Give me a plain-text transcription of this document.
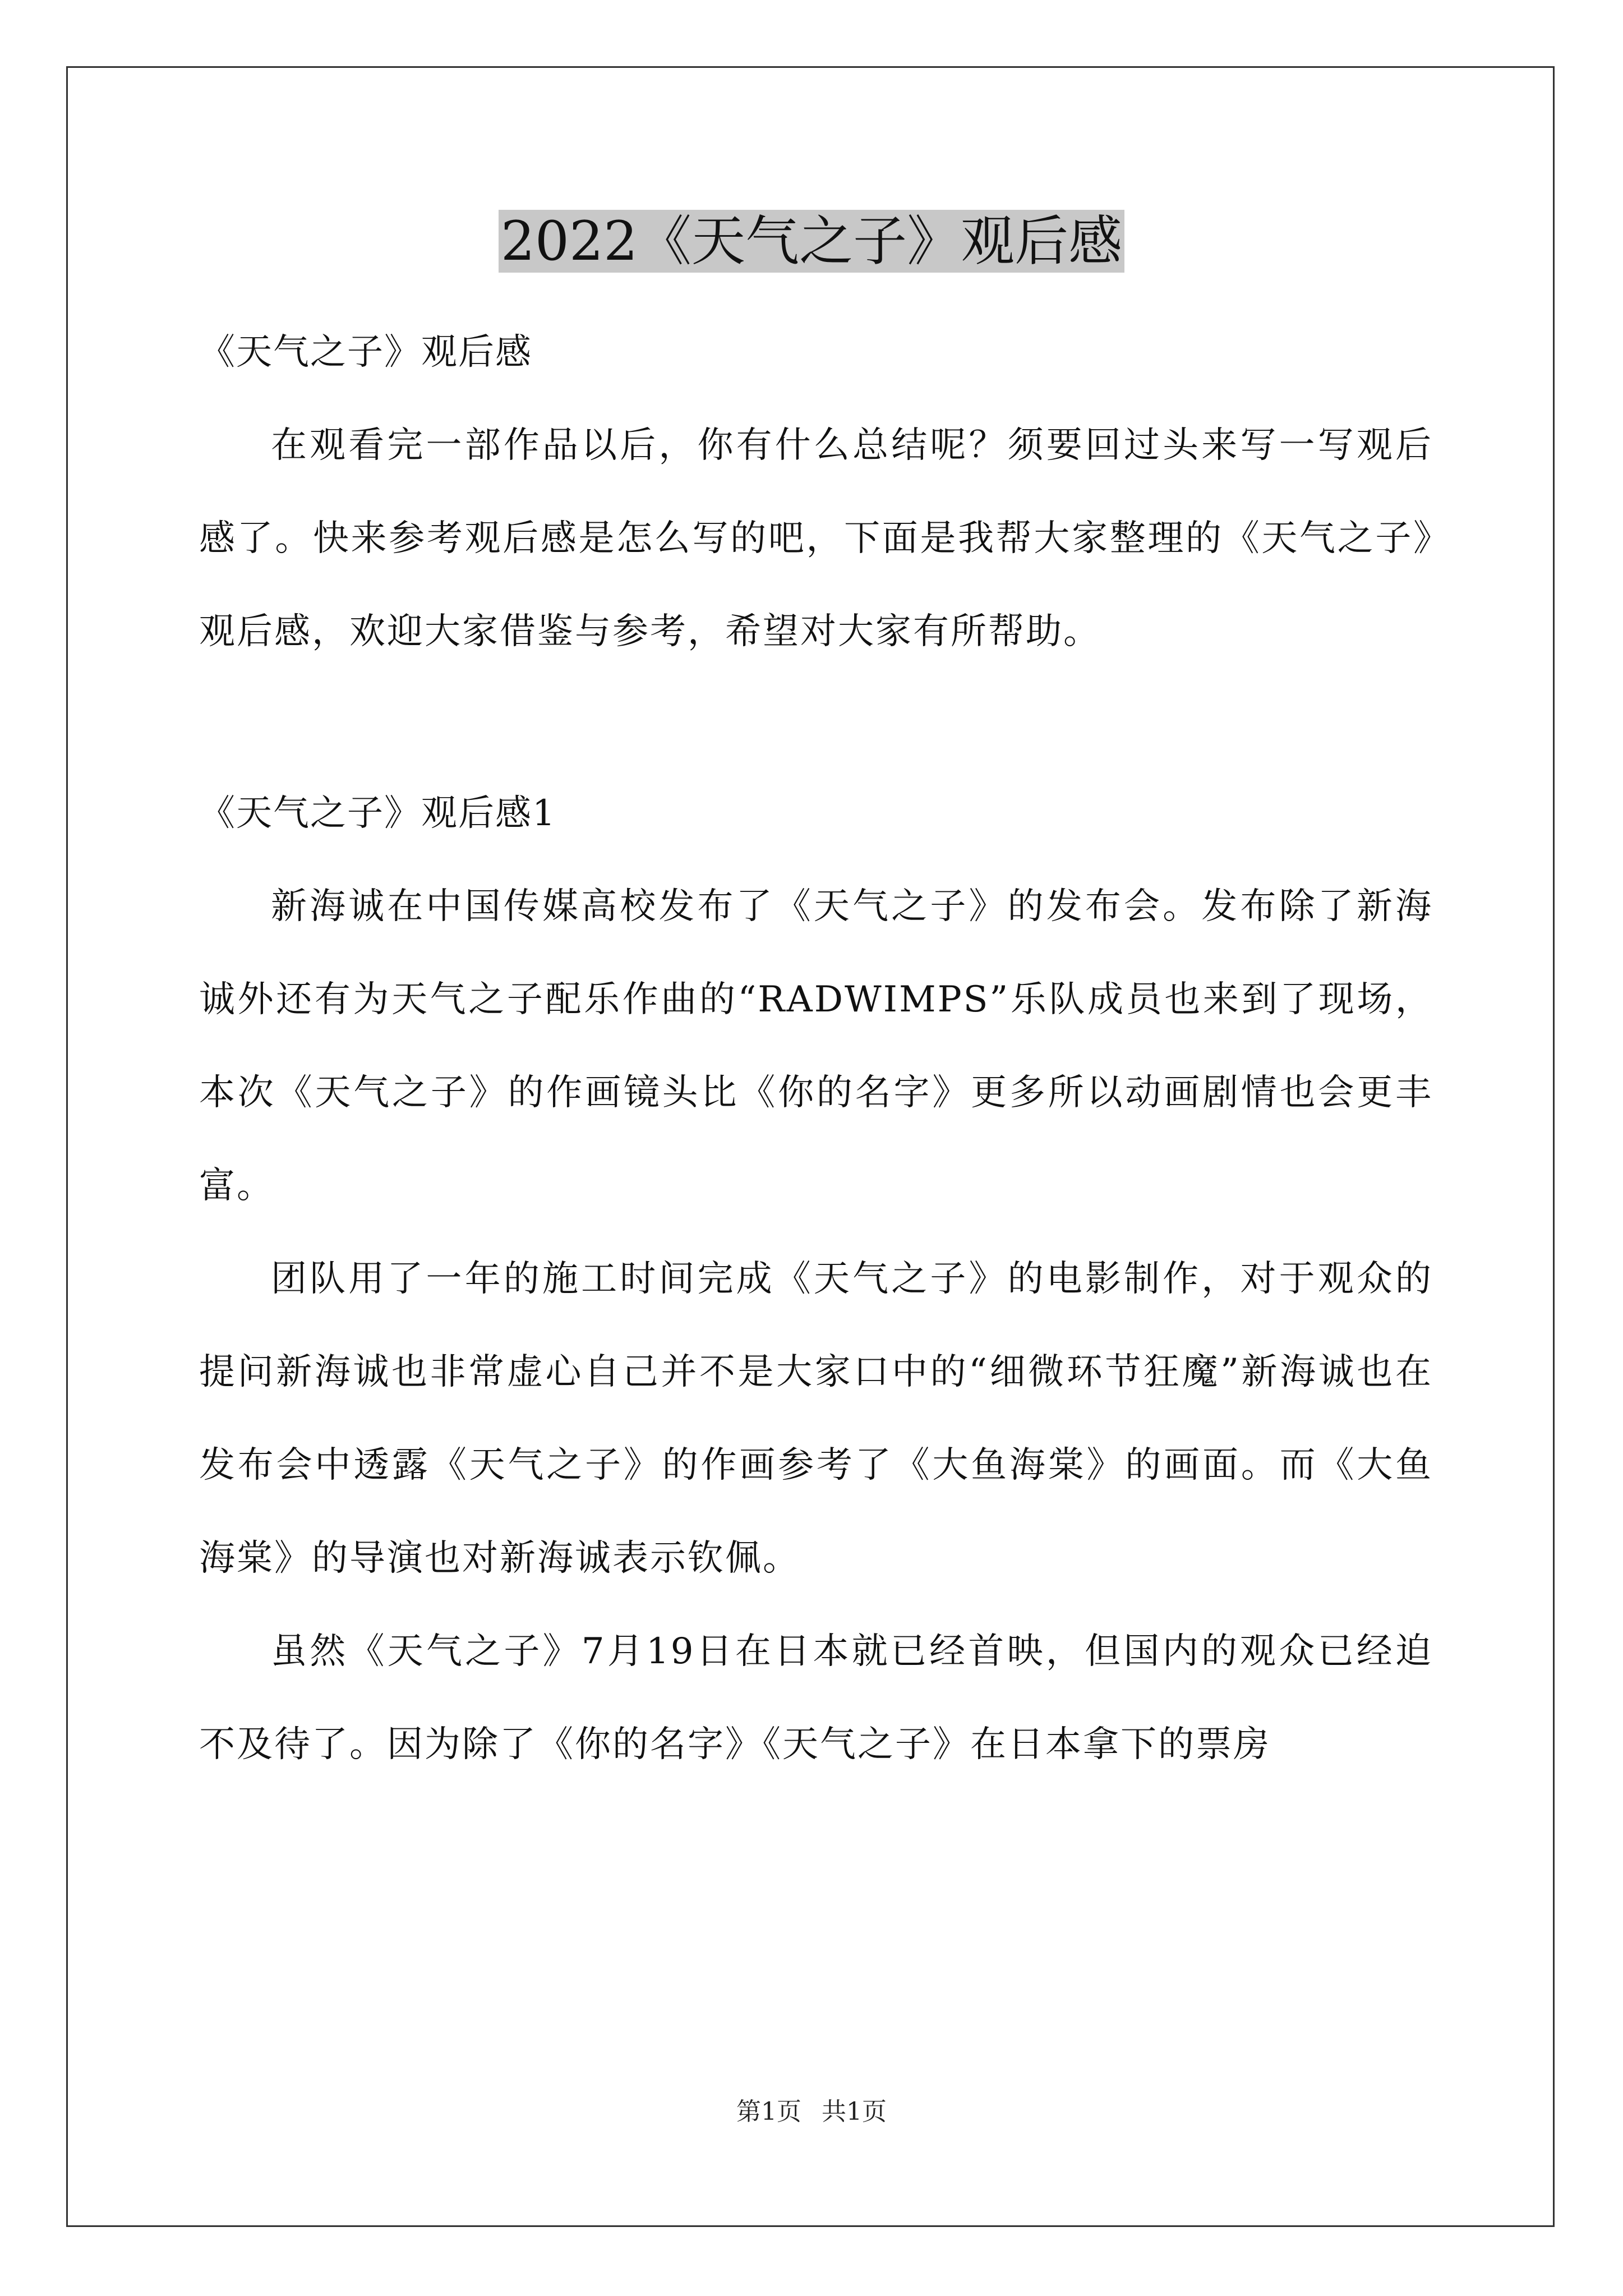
2022《天气之子》观后感

《天气之子》观后感

在观看完一部作品以后，你有什么总结呢？须要回过头来写一写观后感了。快来参考观后感是怎么写的吧，下面是我帮大家整理的《天气之子》观后感，欢迎大家借鉴与参考，希望对大家有所帮助。

《天气之子》观后感1

新海诚在中国传媒高校发布了《天气之子》的发布会。发布除了新海诚外还有为天气之子配乐作曲的“RADWIMPS”乐队成员也来到了现场，本次《天气之子》的作画镜头比《你的名字》更多所以动画剧情也会更丰富。

团队用了一年的施工时间完成《天气之子》的电影制作，对于观众的提问新海诚也非常虚心自己并不是大家口中的“细微环节狂魔”新海诚也在发布会中透露《天气之子》的作画参考了《大鱼海棠》的画面。而《大鱼海棠》的导演也对新海诚表示钦佩。

虽然《天气之子》7月19日在日本就已经首映，但国内的观众已经迫不及待了。因为除了《你的名字》《天气之子》在日本拿下的票房

第1页 共1页
